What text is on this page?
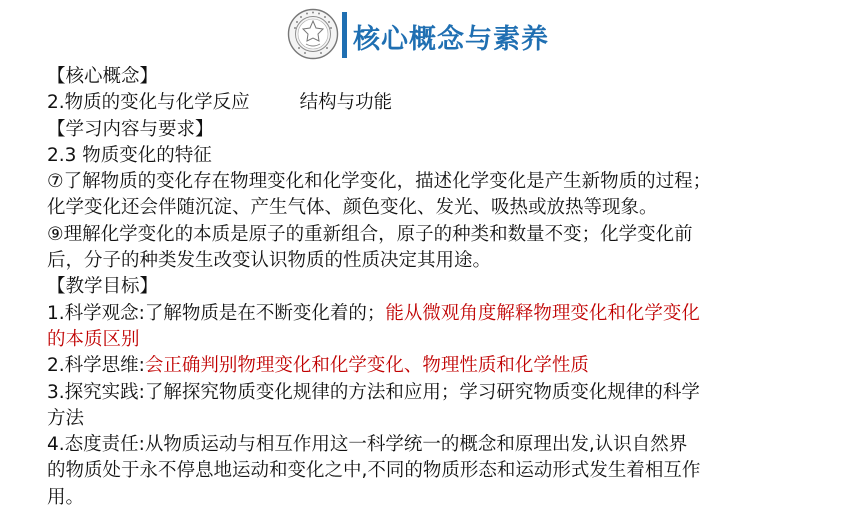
核心概念与素养
【核心概念】
2.物质的变化与化学反应	结构与功能
【学习内容与要求】
2.3 物质变化的特征
⑦了解物质的变化存在物理变化和化学变化，描述化学变化是产生新物质的过程；
化学变化还会伴随沉淀、产生气体、颜色变化、发光、吸热或放热等现象。
⑨理解化学变化的本质是原子的重新组合，原子的种类和数量不变；化学变化前
后，分子的种类发生改变认识物质的性质决定其用途。
【教学目标】
1.科学观念:了解物质是在不断变化着的；能从微观角度解释物理变化和化学变化
的本质区别
2.科学思维:会正确判别物理变化和化学变化、物理性质和化学性质
3.探究实践:了解探究物质变化规律的方法和应用；学习研究物质变化规律的科学
方法
4.态度责任:从物质运动与相互作用这一科学统一的概念和原理出发,认识自然界
的物质处于永不停息地运动和变化之中,不同的物质形态和运动形式发生着相互作
用。
